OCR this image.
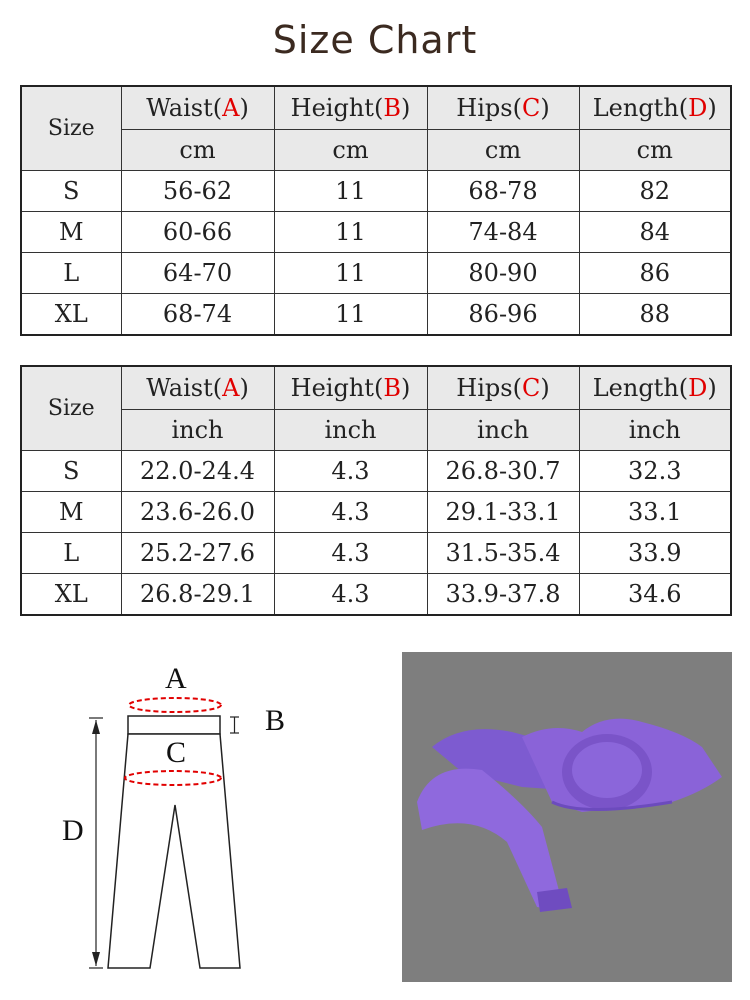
Size Chart
Size	Waist(A)	Height(B)	Hips(C)	Length(D)
	cm	cm	cm	cm
S	56-62	11	68-78	82
M	60-66	11	74-84	84
L	64-70	11	80-90	86
XL	68-74	11	86-96	88
Size	Waist(A)	Height(B)	Hips(C)	Length(D)
	inch	inch	inch	inch
S	22.0-24.4	4.3	26.8-30.7	32.3
M	23.6-26.0	4.3	29.1-33.1	33.1
L	25.2-27.6	4.3	31.5-35.4	33.9
XL	26.8-29.1	4.3	33.9-37.8	34.6
A
B
C
D
